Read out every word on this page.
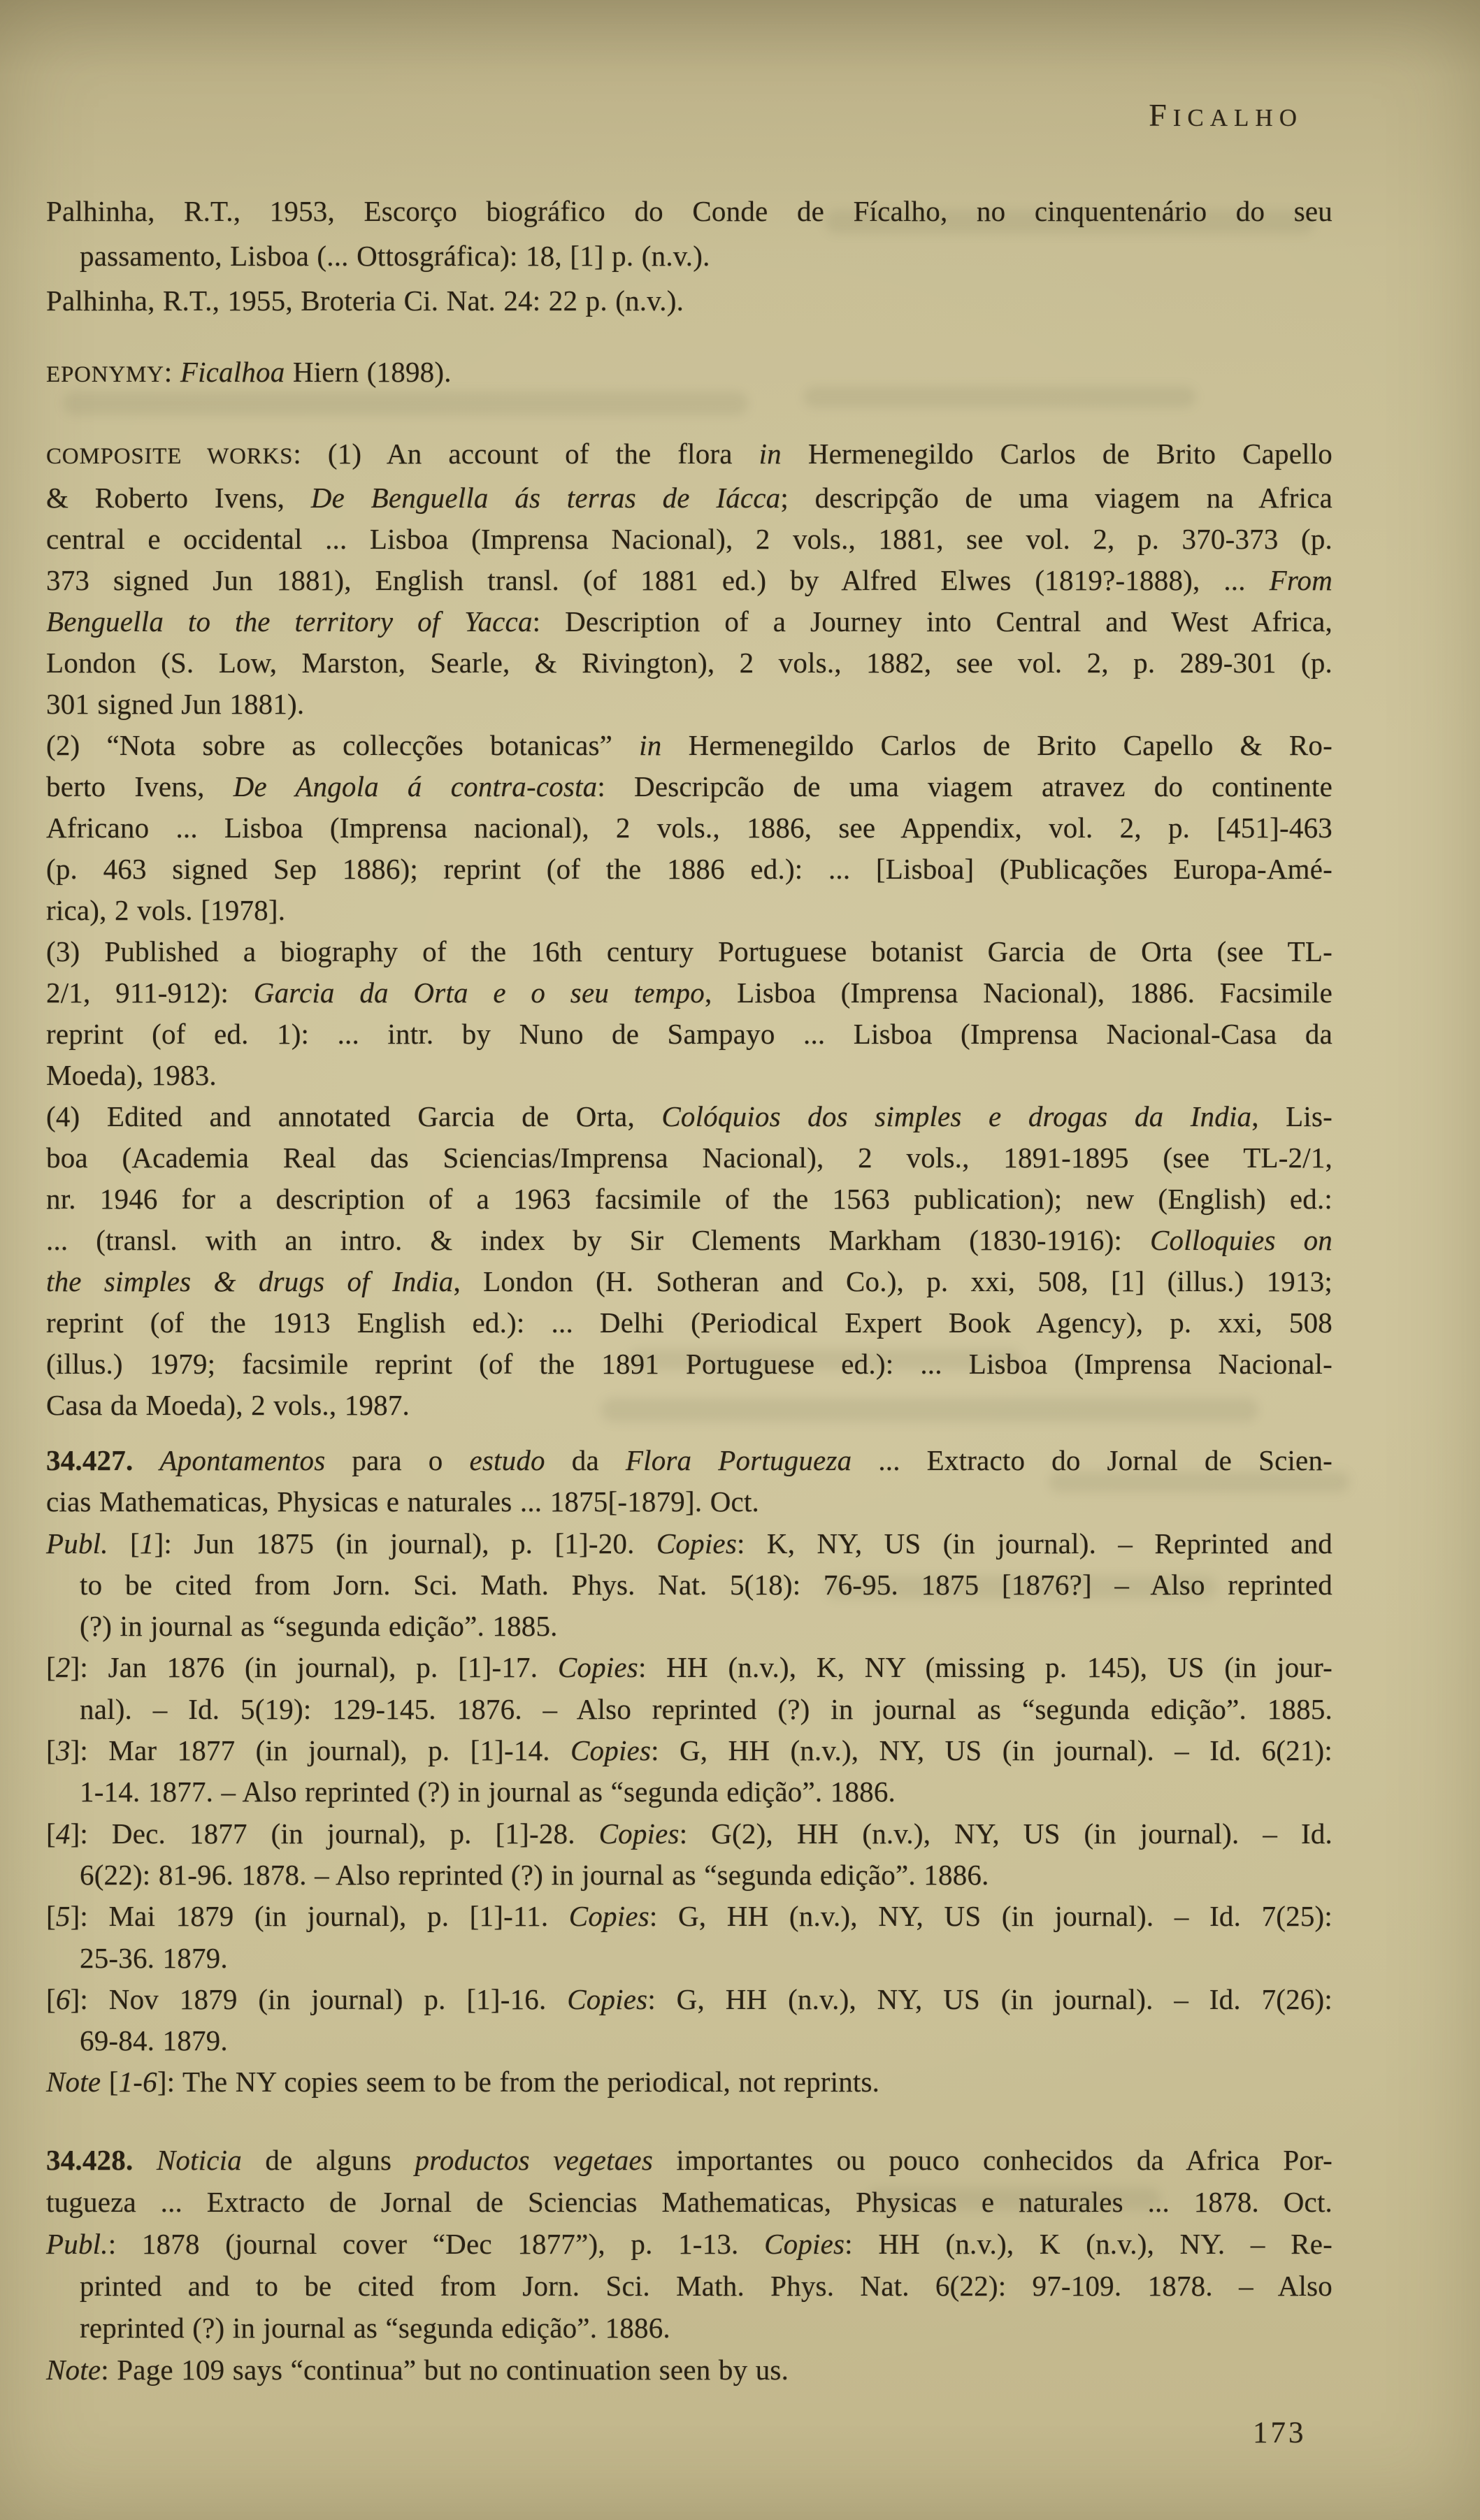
FICALHO
Palhinha, R.T., 1953, Escorço biográfico do Conde de Fícalho, no cinquentenário do seu
passamento, Lisboa (... Ottosgráfica): 18, [1] p. (n.v.).
Palhinha, R.T., 1955, Broteria Ci. Nat. 24: 22 p. (n.v.).
EPONYMY: Ficalhoa Hiern (1898).
COMPOSITE WORKS: (1) An account of the flora in Hermenegildo Carlos de Brito Capello
& Roberto Ivens, De Benguella ás terras de Iácca; descripção de uma viagem na Africa
central e occidental ... Lisboa (Imprensa Nacional), 2 vols., 1881, see vol. 2, p. 370-373 (p.
373 signed Jun 1881), English transl. (of 1881 ed.) by Alfred Elwes (1819?-1888), ... From
Benguella to the territory of Yacca: Description of a Journey into Central and West Africa,
London (S. Low, Marston, Searle, & Rivington), 2 vols., 1882, see vol. 2, p. 289-301 (p.
301 signed Jun 1881).
(2) “Nota sobre as collecções botanicas” in Hermenegildo Carlos de Brito Capello & Ro-
berto Ivens, De Angola á contra-costa: Descripcão de uma viagem atravez do continente
Africano ... Lisboa (Imprensa nacional), 2 vols., 1886, see Appendix, vol. 2, p. [451]-463
(p. 463 signed Sep 1886); reprint (of the 1886 ed.): ... [Lisboa] (Publicações Europa-Amé-
rica), 2 vols. [1978].
(3) Published a biography of the 16th century Portuguese botanist Garcia de Orta (see TL-
2/1, 911-912): Garcia da Orta e o seu tempo, Lisboa (Imprensa Nacional), 1886. Facsimile
reprint (of ed. 1): ... intr. by Nuno de Sampayo ... Lisboa (Imprensa Nacional-Casa da
Moeda), 1983.
(4) Edited and annotated Garcia de Orta, Colóquios dos simples e drogas da India, Lis-
boa (Academia Real das Sciencias/Imprensa Nacional), 2 vols., 1891-1895 (see TL-2/1,
nr. 1946 for a description of a 1963 facsimile of the 1563 publication); new (English) ed.:
... (transl. with an intro. & index by Sir Clements Markham (1830-1916): Colloquies on
the simples & drugs of India, London (H. Sotheran and Co.), p. xxi, 508, [1] (illus.) 1913;
reprint (of the 1913 English ed.): ... Delhi (Periodical Expert Book Agency), p. xxi, 508
(illus.) 1979; facsimile reprint (of the 1891 Portuguese ed.): ... Lisboa (Imprensa Nacional-
Casa da Moeda), 2 vols., 1987.
34.427. Apontamentos para o estudo da Flora Portugueza ... Extracto do Jornal de Scien-
cias Mathematicas, Physicas e naturales ... 1875[-1879]. Oct.
Publ. [1]: Jun 1875 (in journal), p. [1]-20. Copies: K, NY, US (in journal). – Reprinted and
to be cited from Jorn. Sci. Math. Phys. Nat. 5(18): 76-95. 1875 [1876?] – Also reprinted
(?) in journal as “segunda edição”. 1885.
[2]: Jan 1876 (in journal), p. [1]-17. Copies: HH (n.v.), K, NY (missing p. 145), US (in jour-
nal). – Id. 5(19): 129-145. 1876. – Also reprinted (?) in journal as “segunda edição”. 1885.
[3]: Mar 1877 (in journal), p. [1]-14. Copies: G, HH (n.v.), NY, US (in journal). – Id. 6(21):
1-14. 1877. – Also reprinted (?) in journal as “segunda edição”. 1886.
[4]: Dec. 1877 (in journal), p. [1]-28. Copies: G(2), HH (n.v.), NY, US (in journal). – Id.
6(22): 81-96. 1878. – Also reprinted (?) in journal as “segunda edição”. 1886.
[5]: Mai 1879 (in journal), p. [1]-11. Copies: G, HH (n.v.), NY, US (in journal). – Id. 7(25):
25-36. 1879.
[6]: Nov 1879 (in journal) p. [1]-16. Copies: G, HH (n.v.), NY, US (in journal). – Id. 7(26):
69-84. 1879.
Note [1-6]: The NY copies seem to be from the periodical, not reprints.
34.428. Noticia de alguns productos vegetaes importantes ou pouco conhecidos da Africa Por-
tugueza ... Extracto de Jornal de Sciencias Mathematicas, Physicas e naturales ... 1878. Oct.
Publ.: 1878 (journal cover “Dec 1877”), p. 1-13. Copies: HH (n.v.), K (n.v.), NY. – Re-
printed and to be cited from Jorn. Sci. Math. Phys. Nat. 6(22): 97-109. 1878. – Also
reprinted (?) in journal as “segunda edição”. 1886.
Note: Page 109 says “continua” but no continuation seen by us.
173
